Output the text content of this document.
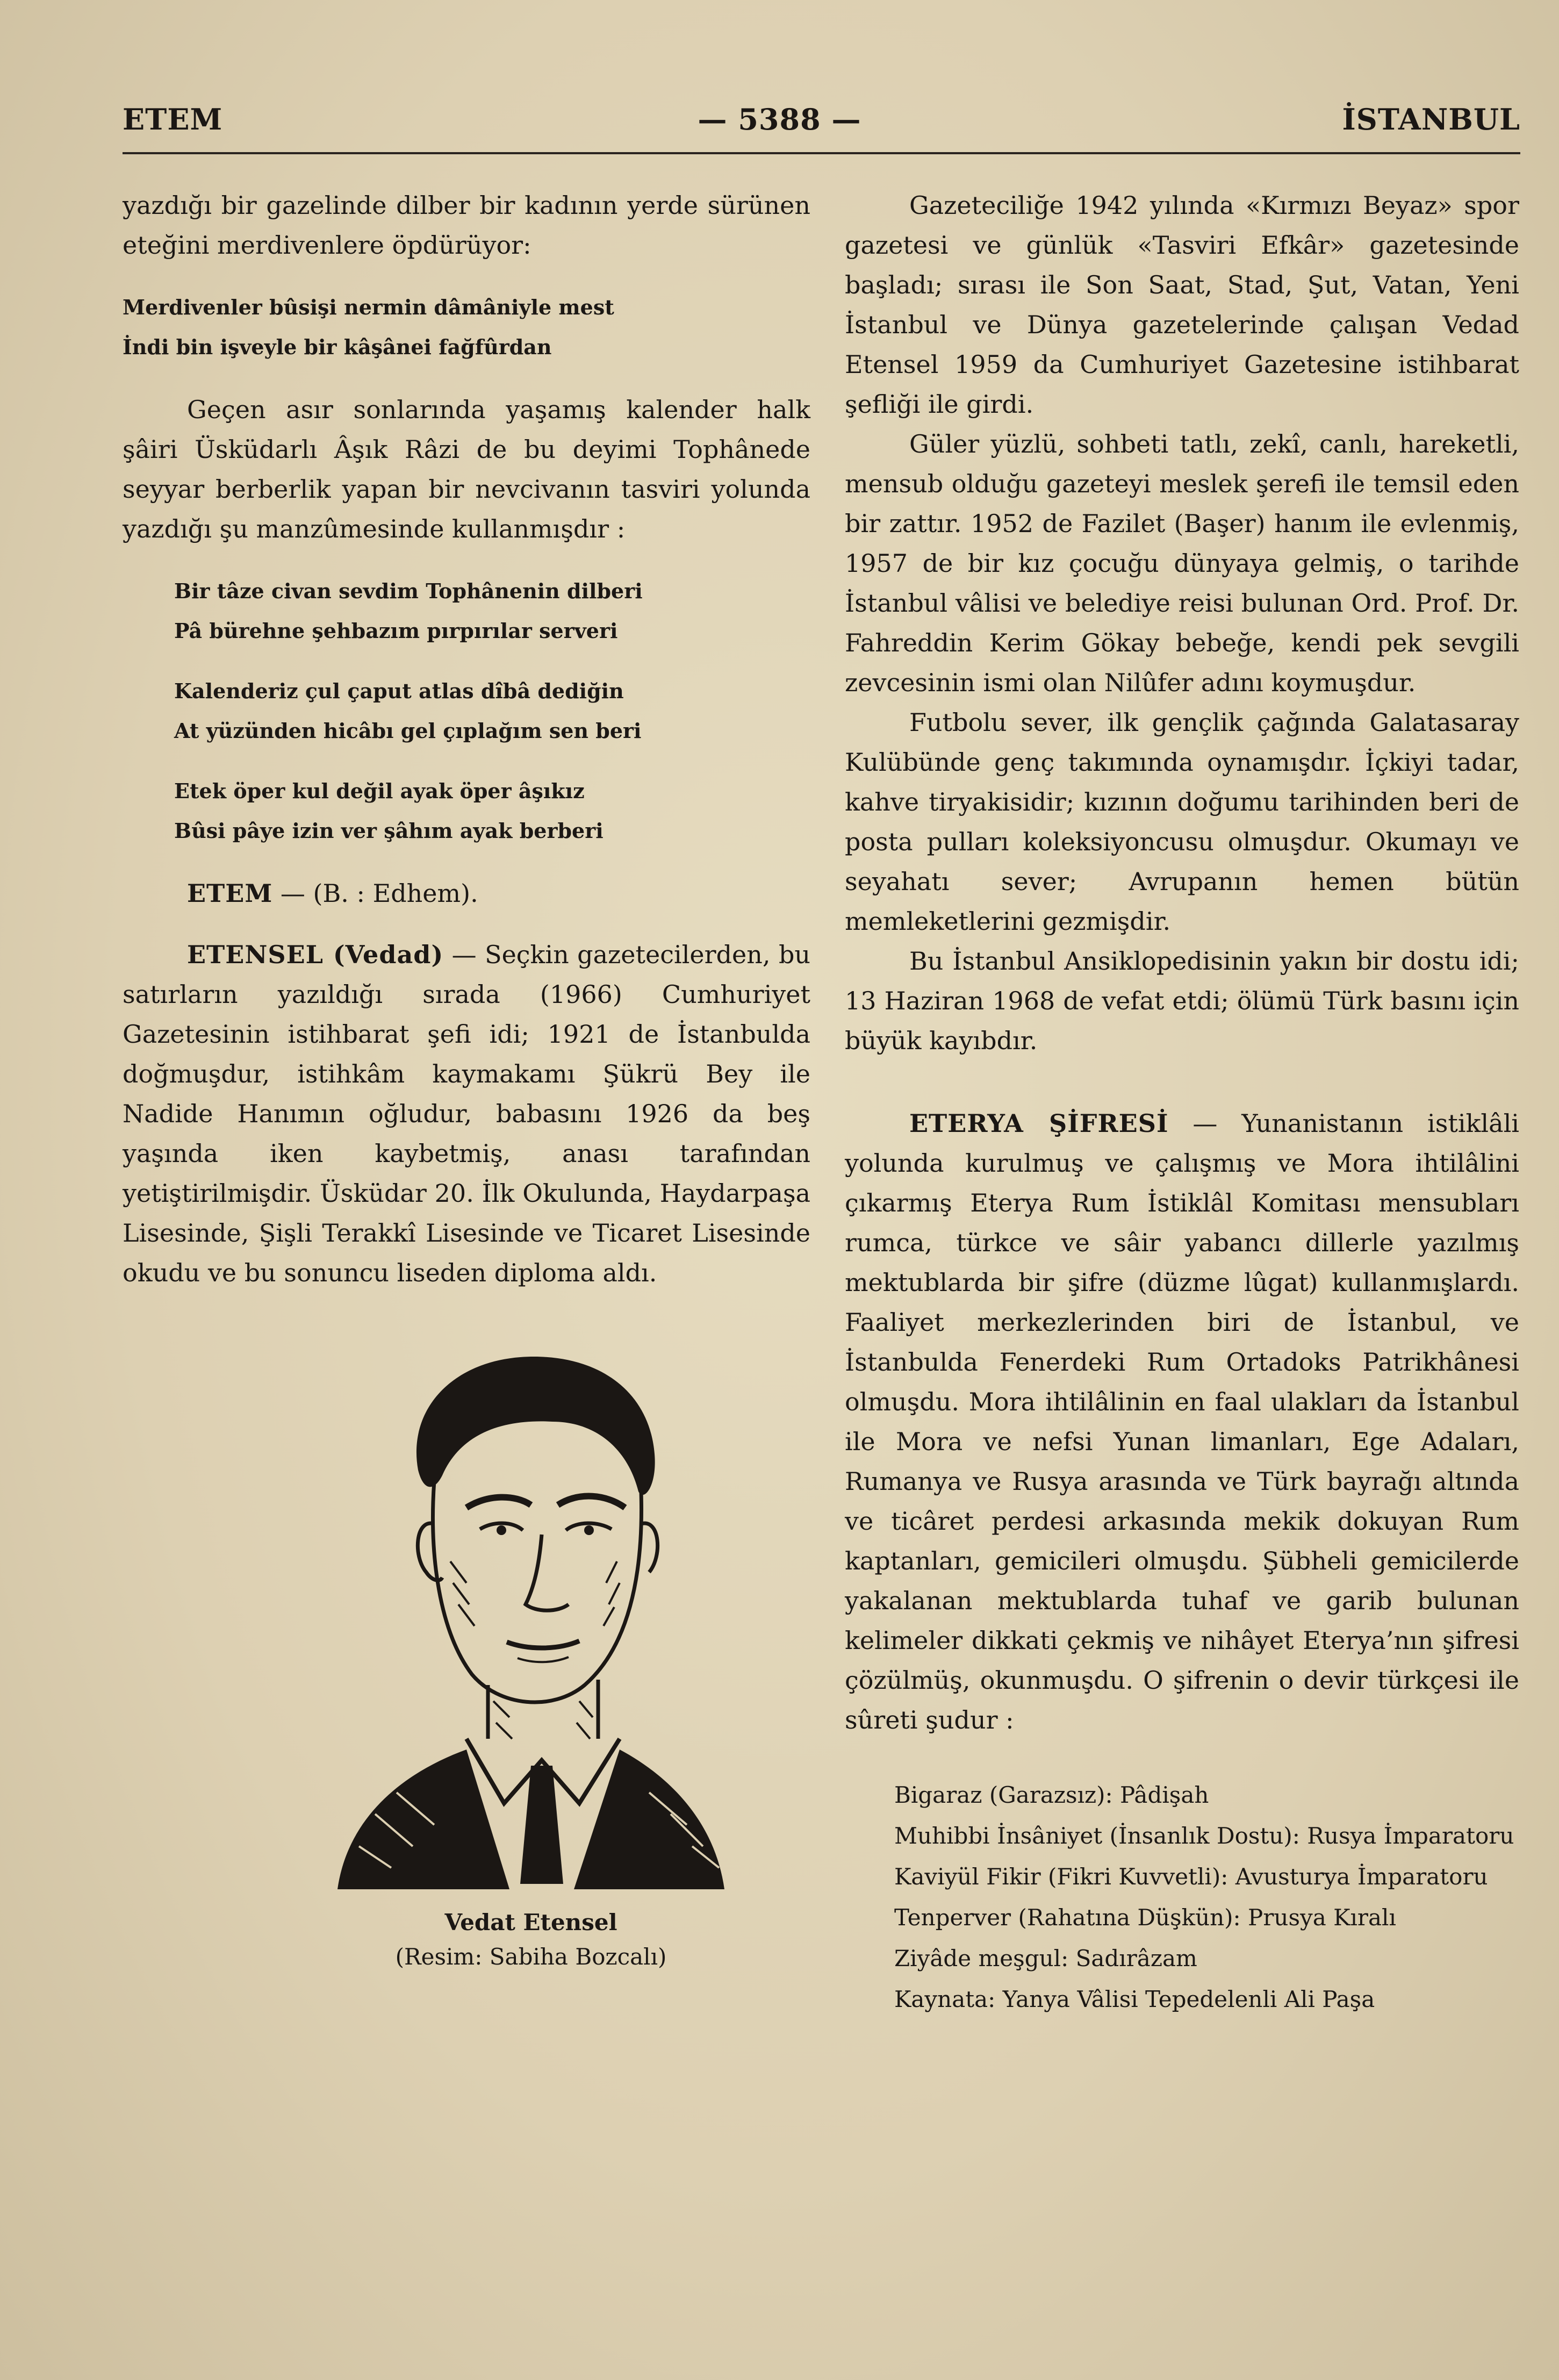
ETEM	— 5388 —	İSTANBUL

yazdığı bir gazelinde dilber bir kadının yerde sürünen eteğini merdivenlere öpdürüyor:

Merdivenler bûsişi nermin dâmâniyle mest
İndi bin işveyle bir kâşânei fağfûrdan

Geçen asır sonlarında yaşamış kalender halk şâiri Üsküdarlı Âşık Râzi de bu deyimi Tophânede seyyar berberlik yapan bir nevcivanın tasviri yolunda yazdığı şu manzûmesinde kullanmışdır :

Bir tâze civan sevdim Tophânenin dilberi
Pâ bürehne şehbazım pırpırılar serveri
Kalenderiz çul çaput atlas dîbâ dediğin
At yüzünden hicâbı gel çıplağım sen beri
Etek öper kul değil ayak öper âşıkız
Bûsi pâye izin ver şâhım ayak berberi

ETEM — (B. : Edhem).

ETENSEL (Vedad) — Seçkin gazetecilerden, bu satırların yazıldığı sırada (1966) Cumhuriyet Gazetesinin istihbarat şefi idi; 1921 de İstanbulda doğmuşdur, istihkâm kaymakamı Şükrü Bey ile Nadide Hanımın oğludur, babasını 1926 da beş yaşında iken kaybetmiş, anası tarafından yetiştirilmişdir. Üsküdar 20. İlk Okulunda, Haydarpaşa Lisesinde, Şişli Terakkî Lisesinde ve Ticaret Lisesinde okudu ve bu sonuncu liseden diploma aldı.

Vedat Etensel
(Resim: Sabiha Bozcalı)

Gazeteciliğe 1942 yılında «Kırmızı Beyaz» spor gazetesi ve günlük «Tasviri Efkâr» gazetesinde başladı; sırası ile Son Saat, Stad, Şut, Vatan, Yeni İstanbul ve Dünya gazetelerinde çalışan Vedad Etensel 1959 da Cumhuriyet Gazetesine istihbarat şefliği ile girdi.

Güler yüzlü, sohbeti tatlı, zekî, canlı, hareketli, mensub olduğu gazeteyi meslek şerefi ile temsil eden bir zattır. 1952 de Fazilet (Başer) hanım ile evlenmiş, 1957 de bir kız çocuğu dünyaya gelmiş, o tarihde İstanbul vâlisi ve belediye reisi bulunan Ord. Prof. Dr. Fahreddin Kerim Gökay bebeğe, kendi pek sevgili zevcesinin ismi olan Nilûfer adını koymuşdur.

Futbolu sever, ilk gençlik çağında Galatasaray Kulübünde genç takımında oynamışdır. İçkiyi tadar, kahve tiryakisidir; kızının doğumu tarihinden beri de posta pulları koleksiyoncusu olmuşdur. Okumayı ve seyahatı sever; Avrupanın hemen bütün memleketlerini gezmişdir.

Bu İstanbul Ansiklopedisinin yakın bir dostu idi; 13 Haziran 1968 de vefat etdi; ölümü Türk basını için büyük kayıbdır.

ETERYA ŞİFRESİ — Yunanistanın istiklâli yolunda kurulmuş ve çalışmış ve Mora ihtilâlini çıkarmış Eterya Rum İstiklâl Komitası mensubları rumca, türkce ve sâir yabancı dillerle yazılmış mektublarda bir şifre (düzme lûgat) kullanmışlardı. Faaliyet merkezlerinden biri de İstanbul, ve İstanbulda Fenerdeki Rum Ortadoks Patrikhânesi olmuşdu. Mora ihtilâlinin en faal ulakları da İstanbul ile Mora ve nefsi Yunan limanları, Ege Adaları, Rumanya ve Rusya arasında ve Türk bayrağı altında ve ticâret perdesi arkasında mekik dokuyan Rum kaptanları, gemicileri olmuşdu. Şübheli gemicilerde yakalanan mektublarda tuhaf ve garib bulunan kelimeler dikkati çekmiş ve nihâyet Eterya’nın şifresi çözülmüş, okunmuşdu. O şifrenin o devir türkçesi ile sûreti şudur :

Bigaraz (Garazsız): Pâdişah
Muhibbi İnsâniyet (İnsanlık Dostu): Rusya İmparatoru
Kaviyül Fikir (Fikri Kuvvetli): Avusturya İmparatoru
Tenperver (Rahatına Düşkün): Prusya Kıralı
Ziyâde meşgul: Sadırâzam
Kaynata: Yanya Vâlisi Tepedelenli Ali Paşa
